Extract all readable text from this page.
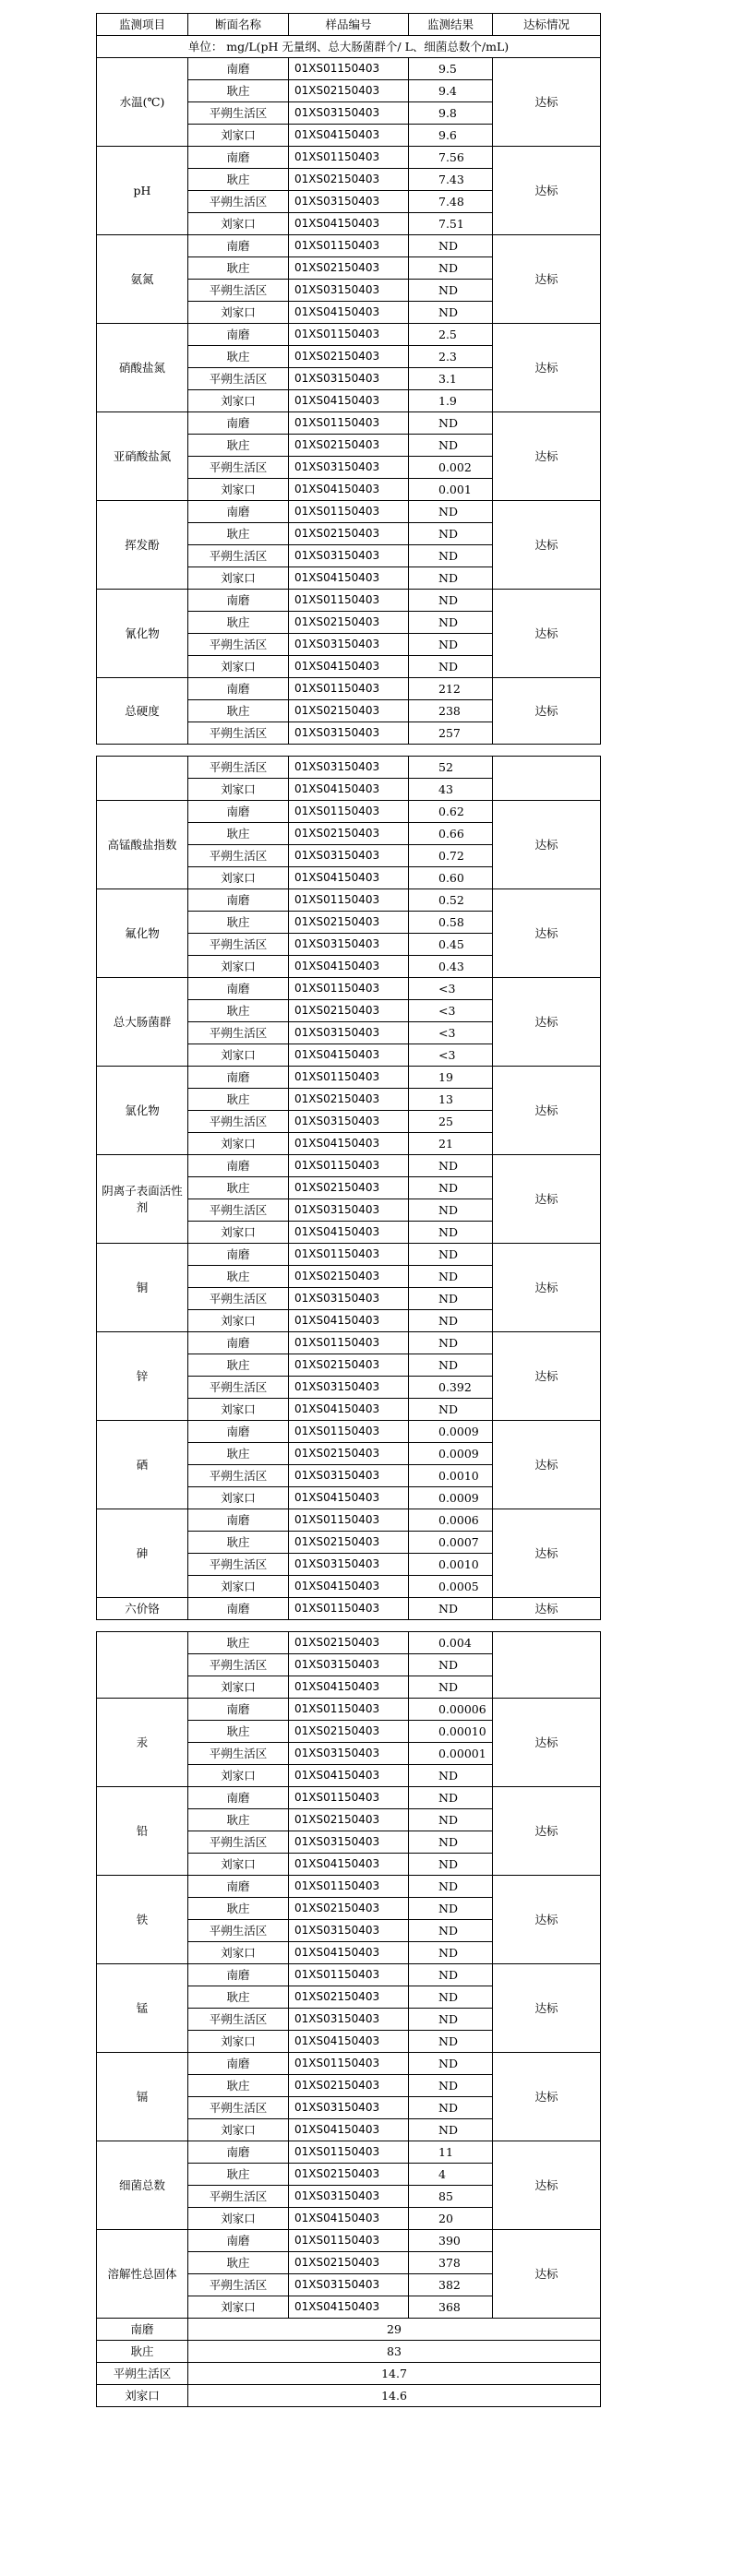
监测项目	断面名称	样品编号	监测结果	达标情况
单位： mg/L(pH 无量纲、总大肠菌群个/ L、细菌总数个/mL)				
水温(℃)	南磨	01XS01150403	9.5	达标
	耿庄	01XS02150403	9.4	
	平朔生活区	01XS03150403	9.8	
	刘家口	01XS04150403	9.6	
pH	南磨	01XS01150403	7.56	达标
	耿庄	01XS02150403	7.43	
	平朔生活区	01XS03150403	7.48	
	刘家口	01XS04150403	7.51	
氨氮	南磨	01XS01150403	ND	达标
	耿庄	01XS02150403	ND	
	平朔生活区	01XS03150403	ND	
	刘家口	01XS04150403	ND	
硝酸盐氮	南磨	01XS01150403	2.5	达标
	耿庄	01XS02150403	2.3	
	平朔生活区	01XS03150403	3.1	
	刘家口	01XS04150403	1.9	
亚硝酸盐氮	南磨	01XS01150403	ND	达标
	耿庄	01XS02150403	ND	
	平朔生活区	01XS03150403	0.002	
	刘家口	01XS04150403	0.001	
挥发酚	南磨	01XS01150403	ND	达标
	耿庄	01XS02150403	ND	
	平朔生活区	01XS03150403	ND	
	刘家口	01XS04150403	ND	
氰化物	南磨	01XS01150403	ND	达标
	耿庄	01XS02150403	ND	
	平朔生活区	01XS03150403	ND	
	刘家口	01XS04150403	ND	
总硬度	南磨	01XS01150403	212	达标
	耿庄	01XS02150403	238	
	平朔生活区	01XS03150403	257	

	平朔生活区	01XS03150403	52	
	刘家口	01XS04150403	43	
高锰酸盐指数	南磨	01XS01150403	0.62	达标
	耿庄	01XS02150403	0.66	
	平朔生活区	01XS03150403	0.72	
	刘家口	01XS04150403	0.60	
氟化物	南磨	01XS01150403	0.52	达标
	耿庄	01XS02150403	0.58	
	平朔生活区	01XS03150403	0.45	
	刘家口	01XS04150403	0.43	
总大肠菌群	南磨	01XS01150403	<3	达标
	耿庄	01XS02150403	<3	
	平朔生活区	01XS03150403	<3	
	刘家口	01XS04150403	<3	
氯化物	南磨	01XS01150403	19	达标
	耿庄	01XS02150403	13	
	平朔生活区	01XS03150403	25	
	刘家口	01XS04150403	21	
阴离子表面活性剂	南磨	01XS01150403	ND	达标
	耿庄	01XS02150403	ND	
	平朔生活区	01XS03150403	ND	
	刘家口	01XS04150403	ND	
铜	南磨	01XS01150403	ND	达标
	耿庄	01XS02150403	ND	
	平朔生活区	01XS03150403	ND	
	刘家口	01XS04150403	ND	
锌	南磨	01XS01150403	ND	达标
	耿庄	01XS02150403	ND	
	平朔生活区	01XS03150403	0.392	
	刘家口	01XS04150403	ND	
硒	南磨	01XS01150403	0.0009	达标
	耿庄	01XS02150403	0.0009	
	平朔生活区	01XS03150403	0.0010	
	刘家口	01XS04150403	0.0009	
砷	南磨	01XS01150403	0.0006	达标
	耿庄	01XS02150403	0.0007	
	平朔生活区	01XS03150403	0.0010	
	刘家口	01XS04150403	0.0005	
六价铬	南磨	01XS01150403	ND	达标

	耿庄	01XS02150403	0.004	
	平朔生活区	01XS03150403	ND	
	刘家口	01XS04150403	ND	
汞	南磨	01XS01150403	0.00006	达标
	耿庄	01XS02150403	0.00010	
	平朔生活区	01XS03150403	0.00001	
	刘家口	01XS04150403	ND	
铅	南磨	01XS01150403	ND	达标
	耿庄	01XS02150403	ND	
	平朔生活区	01XS03150403	ND	
	刘家口	01XS04150403	ND	
铁	南磨	01XS01150403	ND	达标
	耿庄	01XS02150403	ND	
	平朔生活区	01XS03150403	ND	
	刘家口	01XS04150403	ND	
锰	南磨	01XS01150403	ND	达标
	耿庄	01XS02150403	ND	
	平朔生活区	01XS03150403	ND	
	刘家口	01XS04150403	ND	
镉	南磨	01XS01150403	ND	达标
	耿庄	01XS02150403	ND	
	平朔生活区	01XS03150403	ND	
	刘家口	01XS04150403	ND	
细菌总数	南磨	01XS01150403	11	达标
	耿庄	01XS02150403	4	
	平朔生活区	01XS03150403	85	
	刘家口	01XS04150403	20	
溶解性总固体	南磨	01XS01150403	390	达标
	耿庄	01XS02150403	378	
	平朔生活区	01XS03150403	382	
	刘家口	01XS04150403	368	
南磨	29			
耿庄	83			
平朔生活区	14.7			
刘家口	14.6			
